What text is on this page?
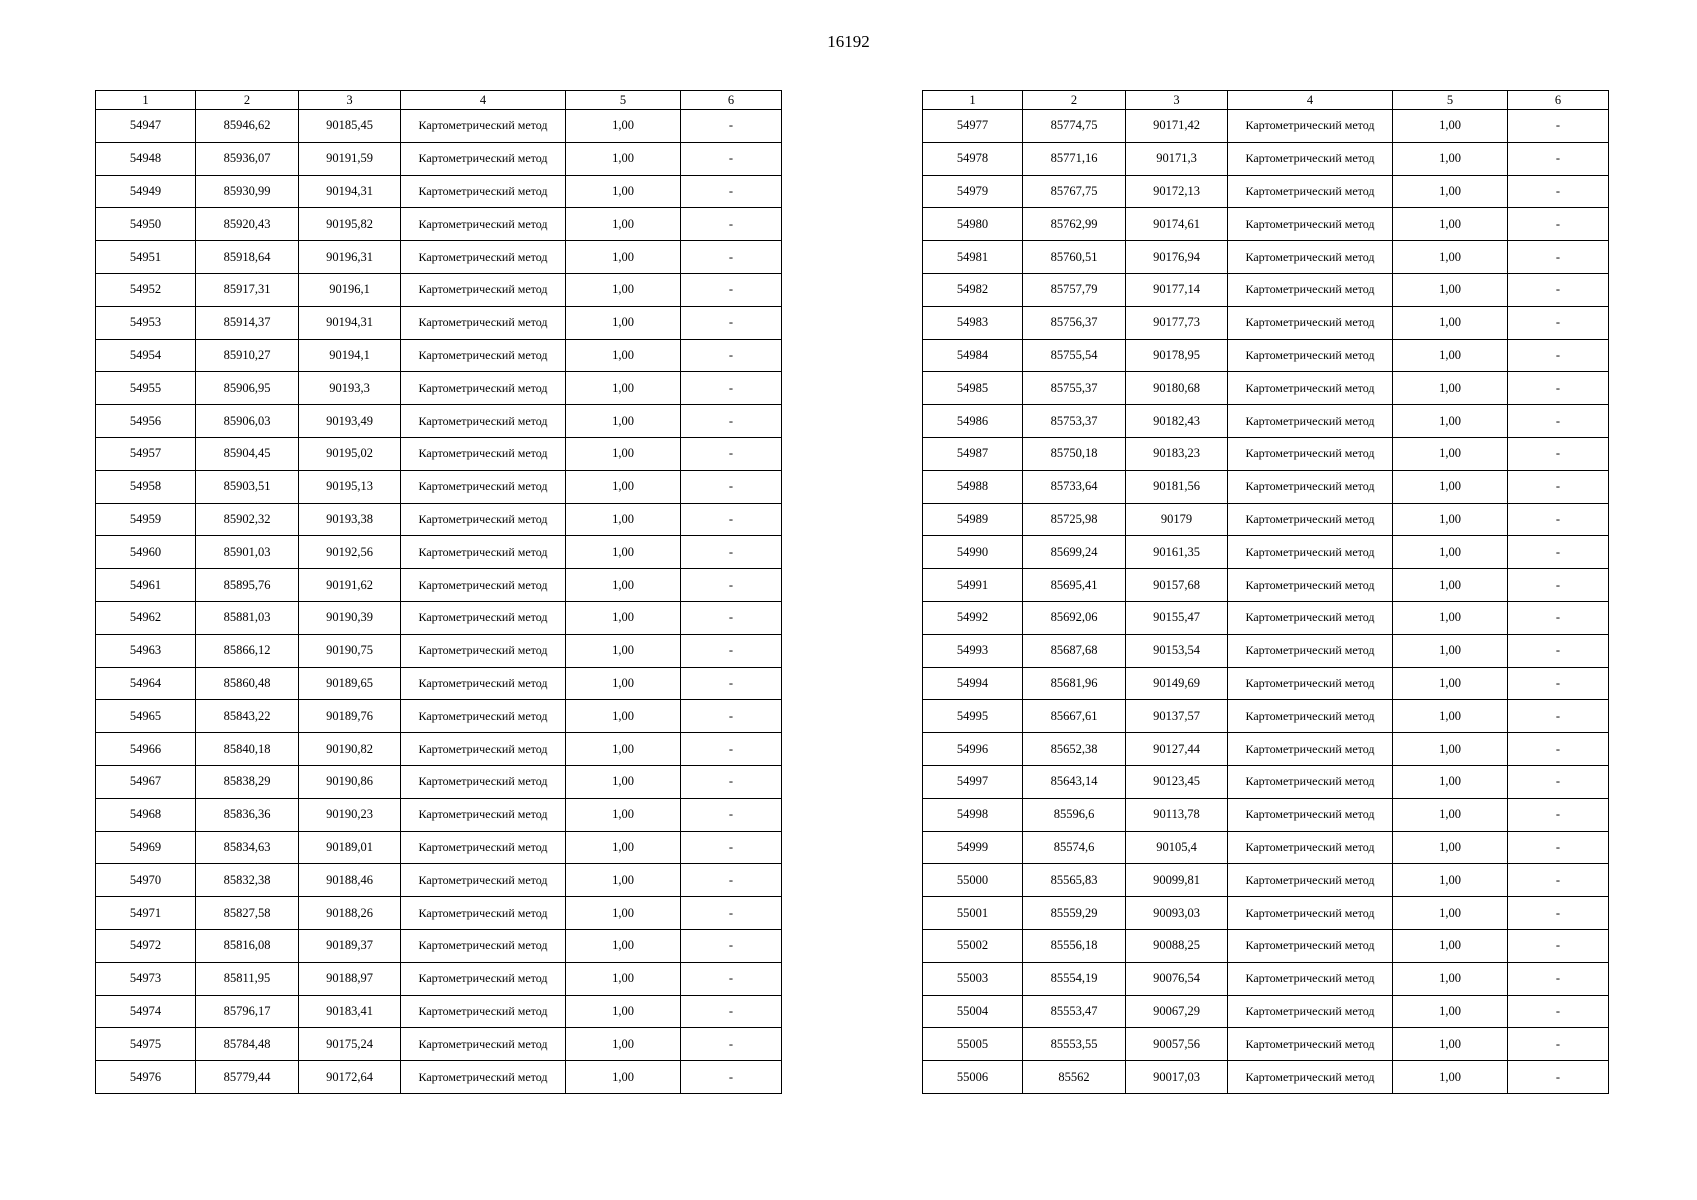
16192
1	2	3	4	5	6
54947	85946,62	90185,45	Картометрический метод	1,00	-
54948	85936,07	90191,59	Картометрический метод	1,00	-
54949	85930,99	90194,31	Картометрический метод	1,00	-
54950	85920,43	90195,82	Картометрический метод	1,00	-
54951	85918,64	90196,31	Картометрический метод	1,00	-
54952	85917,31	90196,1	Картометрический метод	1,00	-
54953	85914,37	90194,31	Картометрический метод	1,00	-
54954	85910,27	90194,1	Картометрический метод	1,00	-
54955	85906,95	90193,3	Картометрический метод	1,00	-
54956	85906,03	90193,49	Картометрический метод	1,00	-
54957	85904,45	90195,02	Картометрический метод	1,00	-
54958	85903,51	90195,13	Картометрический метод	1,00	-
54959	85902,32	90193,38	Картометрический метод	1,00	-
54960	85901,03	90192,56	Картометрический метод	1,00	-
54961	85895,76	90191,62	Картометрический метод	1,00	-
54962	85881,03	90190,39	Картометрический метод	1,00	-
54963	85866,12	90190,75	Картометрический метод	1,00	-
54964	85860,48	90189,65	Картометрический метод	1,00	-
54965	85843,22	90189,76	Картометрический метод	1,00	-
54966	85840,18	90190,82	Картометрический метод	1,00	-
54967	85838,29	90190,86	Картометрический метод	1,00	-
54968	85836,36	90190,23	Картометрический метод	1,00	-
54969	85834,63	90189,01	Картометрический метод	1,00	-
54970	85832,38	90188,46	Картометрический метод	1,00	-
54971	85827,58	90188,26	Картометрический метод	1,00	-
54972	85816,08	90189,37	Картометрический метод	1,00	-
54973	85811,95	90188,97	Картометрический метод	1,00	-
54974	85796,17	90183,41	Картометрический метод	1,00	-
54975	85784,48	90175,24	Картометрический метод	1,00	-
54976	85779,44	90172,64	Картометрический метод	1,00	-
1	2	3	4	5	6
54977	85774,75	90171,42	Картометрический метод	1,00	-
54978	85771,16	90171,3	Картометрический метод	1,00	-
54979	85767,75	90172,13	Картометрический метод	1,00	-
54980	85762,99	90174,61	Картометрический метод	1,00	-
54981	85760,51	90176,94	Картометрический метод	1,00	-
54982	85757,79	90177,14	Картометрический метод	1,00	-
54983	85756,37	90177,73	Картометрический метод	1,00	-
54984	85755,54	90178,95	Картометрический метод	1,00	-
54985	85755,37	90180,68	Картометрический метод	1,00	-
54986	85753,37	90182,43	Картометрический метод	1,00	-
54987	85750,18	90183,23	Картометрический метод	1,00	-
54988	85733,64	90181,56	Картометрический метод	1,00	-
54989	85725,98	90179	Картометрический метод	1,00	-
54990	85699,24	90161,35	Картометрический метод	1,00	-
54991	85695,41	90157,68	Картометрический метод	1,00	-
54992	85692,06	90155,47	Картометрический метод	1,00	-
54993	85687,68	90153,54	Картометрический метод	1,00	-
54994	85681,96	90149,69	Картометрический метод	1,00	-
54995	85667,61	90137,57	Картометрический метод	1,00	-
54996	85652,38	90127,44	Картометрический метод	1,00	-
54997	85643,14	90123,45	Картометрический метод	1,00	-
54998	85596,6	90113,78	Картометрический метод	1,00	-
54999	85574,6	90105,4	Картометрический метод	1,00	-
55000	85565,83	90099,81	Картометрический метод	1,00	-
55001	85559,29	90093,03	Картометрический метод	1,00	-
55002	85556,18	90088,25	Картометрический метод	1,00	-
55003	85554,19	90076,54	Картометрический метод	1,00	-
55004	85553,47	90067,29	Картометрический метод	1,00	-
55005	85553,55	90057,56	Картометрический метод	1,00	-
55006	85562	90017,03	Картометрический метод	1,00	-
